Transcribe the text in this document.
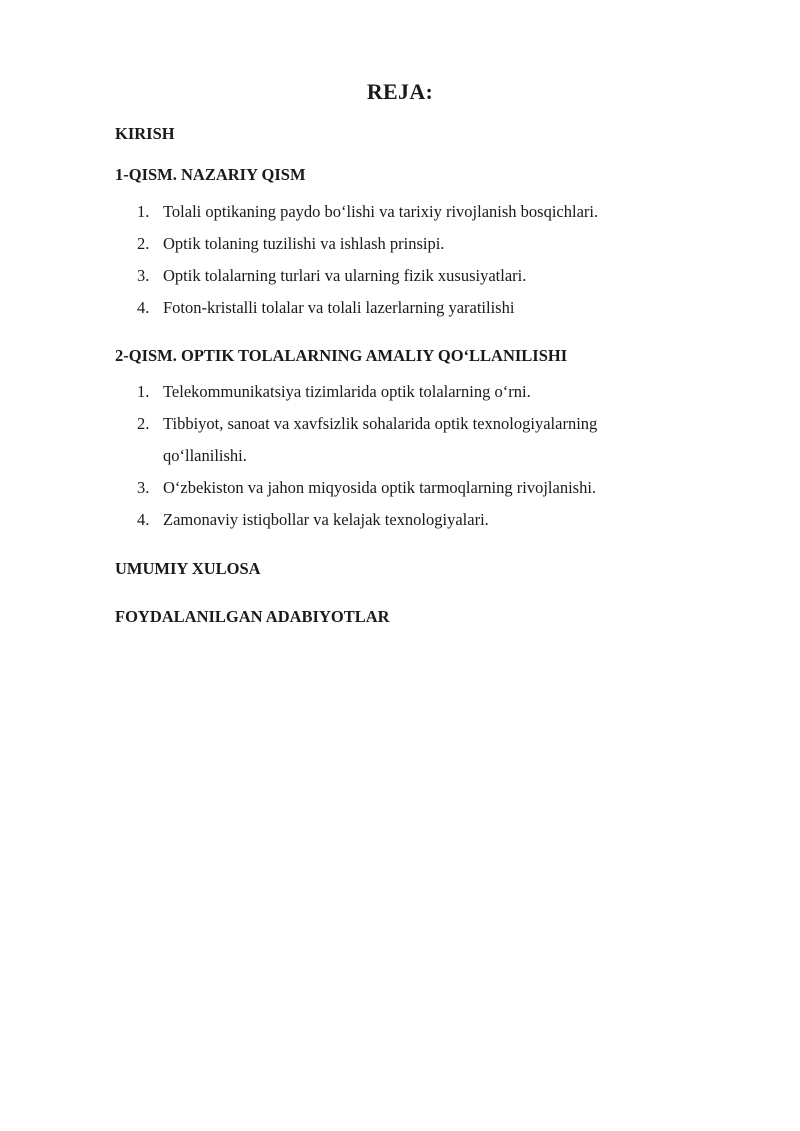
REJA:

KIRISH

1-QISM. NAZARIY QISM

1. Tolali optikaning paydo bo‘lishi va tarixiy rivojlanish bosqichlari.
2. Optik tolaning tuzilishi va ishlash prinsipi.
3. Optik tolalarning turlari va ularning fizik xususiyatlari.
4. Foton-kristalli tolalar va tolali lazerlarning yaratilishi

2-QISM. OPTIK TOLALARNING AMALIY QO‘LLANILISHI

1. Telekommunikatsiya tizimlarida optik tolalarning o‘rni.
2. Tibbiyot, sanoat va xavfsizlik sohalarida optik texnologiyalarning qo‘llanilishi.
3. O‘zbekiston va jahon miqyosida optik tarmoqlarning rivojlanishi.
4. Zamonaviy istiqbollar va kelajak texnologiyalari.

UMUMIY XULOSA

FOYDALANILGAN ADABIYOTLAR
